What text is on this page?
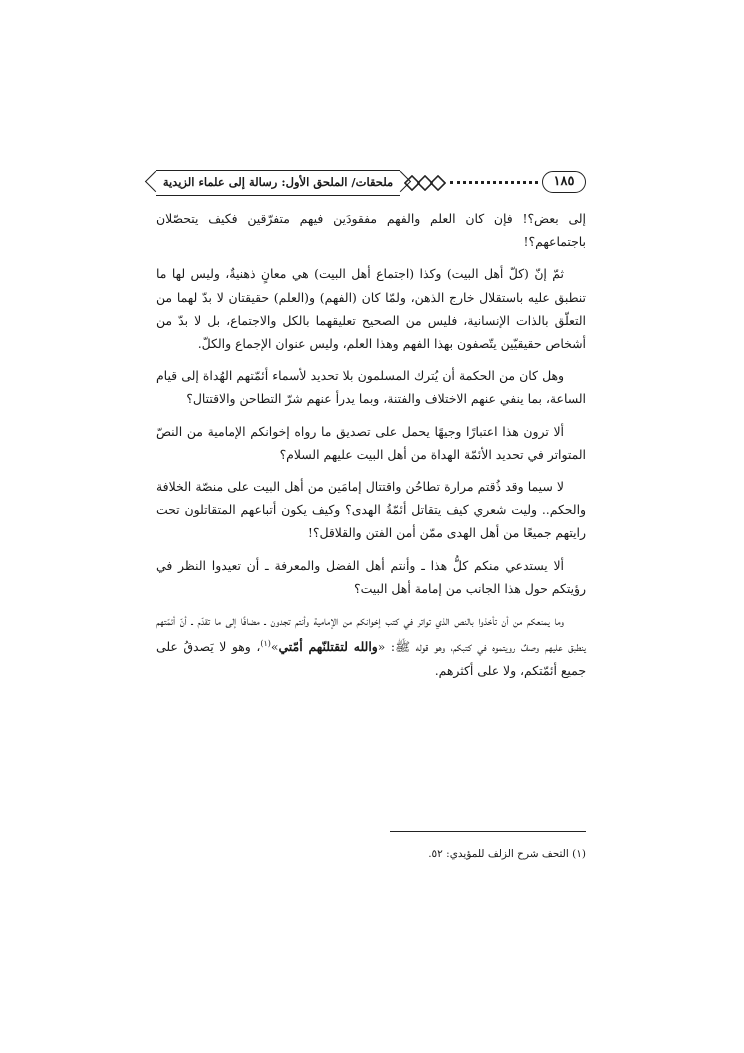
١٨٥
ملحقات/ الملحق الأول: رسالة إلى علماء الزيدية

إلى بعض؟! فإن كان العلم والفهم مفقودَين فيهم متفرّقين فكيف يتحصّلان باجتماعهم؟!

ثمّ إنّ (كلّ أهل البيت) وكذا (اجتماع أهل البيت) هي معانٍ ذهنيةٌ، وليس لها ما تنطبق عليه باستقلال خارج الذهن، ولمّا كان (الفهم) و(العلم) حقيقتان لا بدّ لهما من التعلّق بالذات الإنسانية، فليس من الصحيح تعليقهما بالكل والاجتماع، بل لا بدّ من أشخاص حقيقيّين يتّصفون بهذا الفهم وهذا العلم، وليس عنوان الإجماع والكلّ.

وهل كان من الحكمة أن يُترك المسلمون بلا تحديد لأسماء أئمّتهم الهُداة إلى قيام الساعة، بما ينفي عنهم الاختلاف والفتنة، وبما يدرأ عنهم شرّ التطاحن والاقتتال؟

ألا ترون هذا اعتبارًا وجيهًا يحمل على تصديق ما رواه إخوانكم الإمامية من النصّ المتواتر في تحديد الأئمّة الهداة من أهل البيت عليهم السلام؟

لا سيما وقد ذُقتم مرارة تطاحُن واقتتال إمامَين من أهل البيت على منصّة الخلافة والحكم.. وليت شعري كيف يتقاتل أئمّةُ الهدى؟ وكيف يكون أتباعهم المتقاتلون تحت رايتهم جميعًا من أهل الهدى ممّن أمن الفتن والقلاقل؟!

ألا يستدعي منكم كلُّ هذا ـ وأنتم أهل الفضل والمعرفة ـ أن تعيدوا النظر في رؤيتكم حول هذا الجانب من إمامة أهل البيت؟

وما يمنعكم من أن تأخذوا بالنص الذي تواتر في كتب إخوانكم من الإمامية وأنتم تجدون ـ مضافًا إلى ما تقدّم ـ أنّ أئمّتهم ينطبق عليهم وصفٌ رويتموه في كتبكم، وهو قوله ﷺ: «والله لتقتلنّهم أمّتي»$^{(١)}$، وهو لا يَصدقُ على جميع أئمّتكم، ولا على أكثرهم.

(١) التحف شرح الزلف للمؤيدي: ٥٢.
